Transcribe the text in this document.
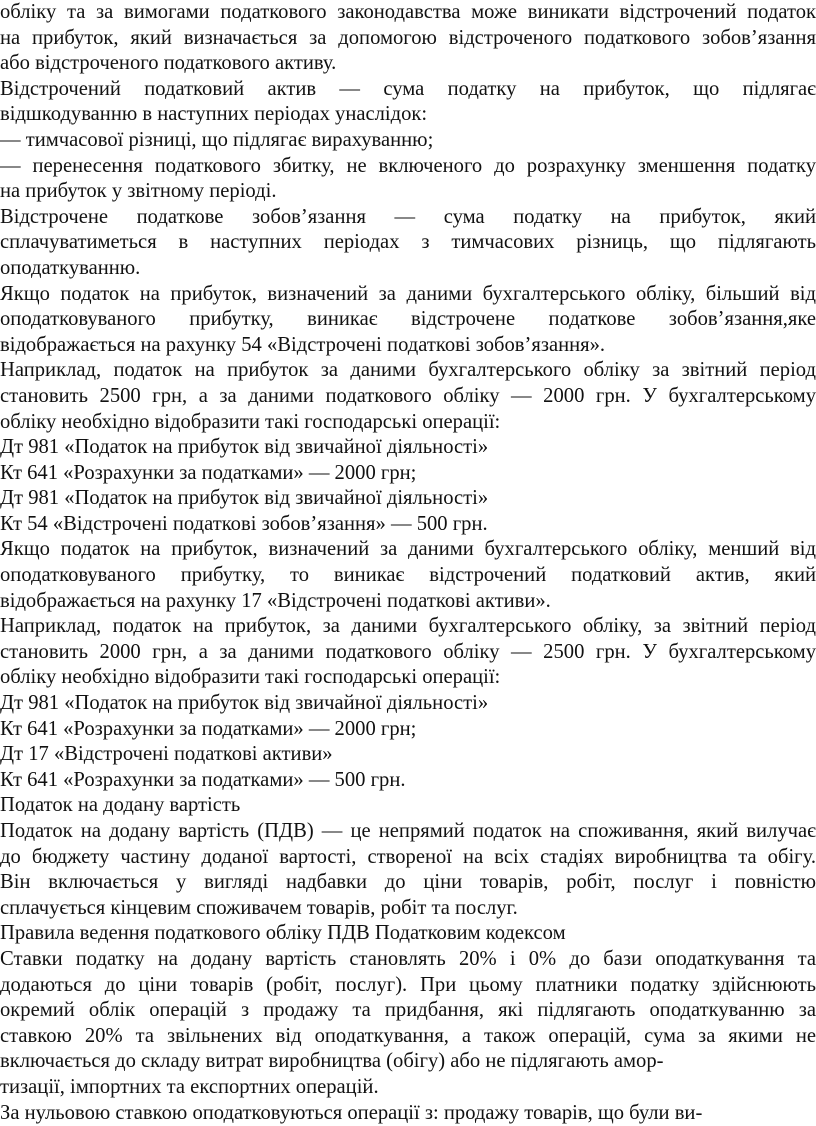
обліку та за вимогами податкового законодавства може виникати відстрочений податок
на прибуток, який визначається за допомогою відстроченого податкового зобов’язання
або відстроченого податкового активу.
Відстрочений податковий актив — сума податку на прибуток, що підлягає
відшкодуванню в наступних періодах унаслідок:
— тимчасової різниці, що підлягає вирахуванню;
— перенесення податкового збитку, не включеного до розрахунку зменшення податку
на прибуток у звітному періоді.
Відстрочене податкове зобов’язання — сума податку на прибуток, який
сплачуватиметься в наступних періодах з тимчасових різниць, що підлягають
оподаткуванню.
Якщо податок на прибуток, визначений за даними бухгалтерського обліку, більший від
оподатковуваного прибутку, виникає відстрочене податкове зобов’язання,яке
відображається на рахунку 54 «Відстрочені податкові зобов’язання».
Наприклад, податок на прибуток за даними бухгалтерського обліку за звітний період
становить 2500 грн, а за даними податкового обліку — 2000 грн. У бухгалтерському
обліку необхідно відобразити такі господарські операції:
Дт 981 «Податок на прибуток від звичайної діяльності»
Кт 641 «Розрахунки за податками» — 2000 грн;
Дт 981 «Податок на прибуток від звичайної діяльності»
Кт 54 «Відстрочені податкові зобов’язання» — 500 грн.
Якщо податок на прибуток, визначений за даними бухгалтерського обліку, менший від
оподатковуваного прибутку, то виникає відстрочений податковий актив, який
відображається на рахунку 17 «Відстрочені податкові активи».
Наприклад, податок на прибуток, за даними бухгалтерського обліку, за звітний період
становить 2000 грн, а за даними податкового обліку — 2500 грн. У бухгалтерському
обліку необхідно відобразити такі господарські операції:
Дт 981 «Податок на прибуток від звичайної діяльності»
Кт 641 «Розрахунки за податками» — 2000 грн;
Дт 17 «Відстрочені податкові активи»
Кт 641 «Розрахунки за податками» — 500 грн.
Податок на додану вартість
Податок на додану вартість (ПДВ) — це непрямий податок на споживання, який вилучає
до бюджету частину доданої вартості, створеної на всіх стадіях виробництва та обігу.
Він включається у вигляді надбавки до ціни товарів, робіт, послуг і повністю
сплачується кінцевим споживачем товарів, робіт та послуг.
Правила ведення податкового обліку ПДВ Податковим кодексом
Ставки податку на додану вартість становлять 20% і 0% до бази оподаткування та
додаються до ціни товарів (робіт, послуг). При цьому платники податку здійснюють
окремий облік операцій з продажу та придбання, які підлягають оподаткуванню за
ставкою 20% та звільнених від оподаткування, а також операцій, сума за якими не
включається до складу витрат виробництва (обігу) або не підлягають амор-
тизації, імпортних та експортних операцій.
За нульовою ставкою оподатковуються операції з: продажу товарів, що були ви-
